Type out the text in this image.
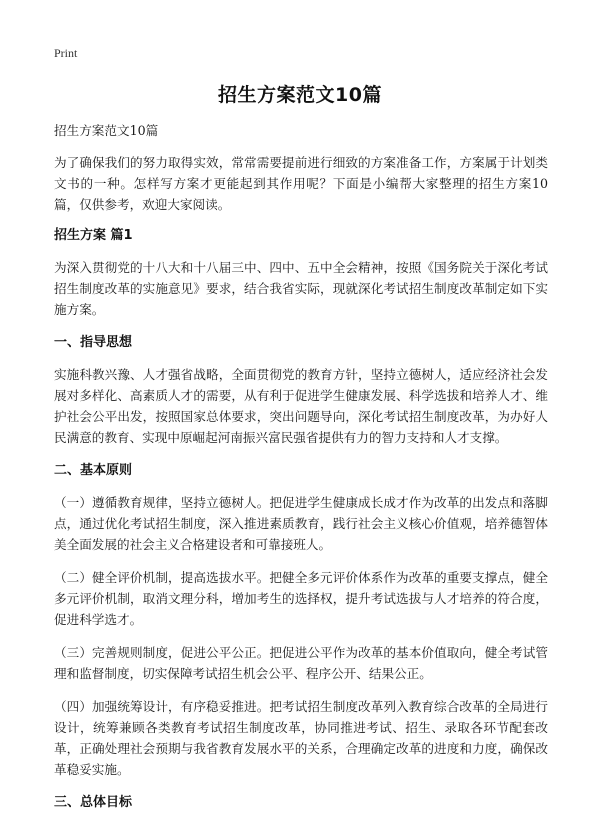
Print
招生方案范文10篇

招生方案范文10篇

为了确保我们的努力取得实效，常常需要提前进行细致的方案准备工作，方案属于计划类文书的一种。怎样写方案才更能起到其作用呢？下面是小编帮大家整理的招生方案10篇，仅供参考，欢迎大家阅读。

招生方案 篇1

为深入贯彻党的十八大和十八届三中、四中、五中全会精神，按照《国务院关于深化考试招生制度改革的实施意见》要求，结合我省实际，现就深化考试招生制度改革制定如下实施方案。

一、指导思想

实施科教兴豫、人才强省战略，全面贯彻党的教育方针，坚持立德树人，适应经济社会发展对多样化、高素质人才的需要，从有利于促进学生健康发展、科学选拔和培养人才、维护社会公平出发，按照国家总体要求，突出问题导向，深化考试招生制度改革，为办好人民满意的教育、实现中原崛起河南振兴富民强省提供有力的智力支持和人才支撑。

二、基本原则

（一）遵循教育规律，坚持立德树人。把促进学生健康成长成才作为改革的出发点和落脚点，通过优化考试招生制度，深入推进素质教育，践行社会主义核心价值观，培养德智体美全面发展的社会主义合格建设者和可靠接班人。

（二）健全评价机制，提高选拔水平。把健全多元评价体系作为改革的重要支撑点，健全多元评价机制，取消文理分科，增加考生的选择权，提升考试选拔与人才培养的符合度，促进科学选才。

（三）完善规则制度，促进公平公正。把促进公平作为改革的基本价值取向，健全考试管理和监督制度，切实保障考试招生机会公平、程序公开、结果公正。

（四）加强统筹设计，有序稳妥推进。把考试招生制度改革列入教育综合改革的全局进行设计，统筹兼顾各类教育考试招生制度改革，协同推进考试、招生、录取各环节配套改革，正确处理社会预期与我省教育发展水平的关系，合理确定改革的进度和力度，确保改革稳妥实施。

三、总体目标
